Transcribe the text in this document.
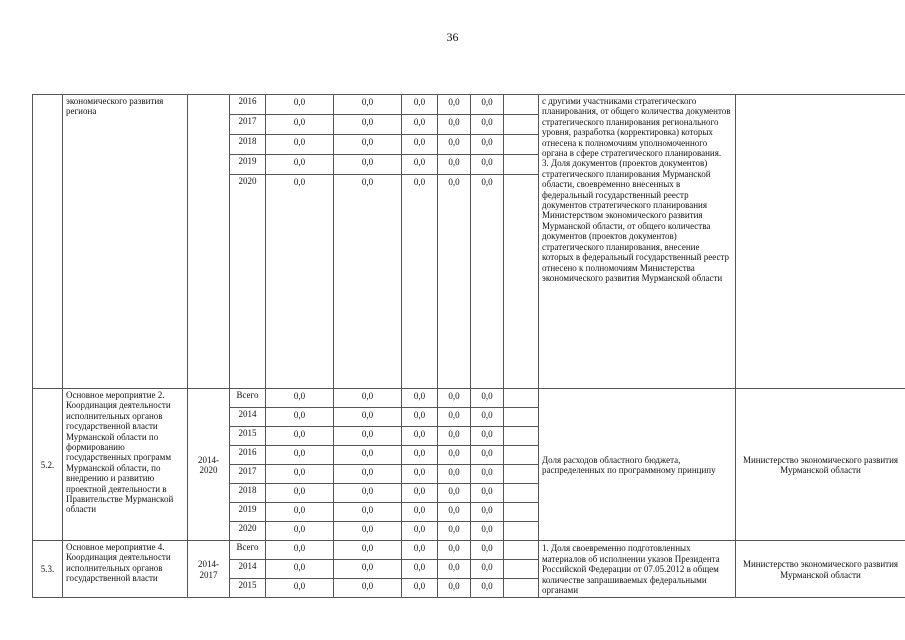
36

	экономического развития региона		2016	0,0	0,0	0,0	0,0	0,0		с другими участниками стратегического планирования, от общего количества документов стратегического планирования регионального уровня, разработка (корректировка) которых отнесена к полномочиям уполномоченного органа в сфере стратегического планирования.

3. Доля документов (проектов документов) стратегического планирования Мурманской области, своевременно внесенных в федеральный государственный реестр документов стратегического планирования Министерством экономического развития Мурманской области, от общего количества документов (проектов документов) стратегического планирования, внесение которых в федеральный государственный реестр отнесено к полномочиям Министерства экономического развития Мурманской области	

			2017	0,0	0,0	0,0	0,0	0,0			
			2018	0,0	0,0	0,0	0,0	0,0			
			2019	0,0	0,0	0,0	0,0	0,0			
			2020	0,0	0,0	0,0	0,0	0,0			
5.2.	Основное мероприятие 2. Координация деятельности исполнительных органов государственной власти Мурманской области по формированию государственных программ Мурманской области, по внедрению и развитию проектной деятельности в Правительстве Мурманской области	2014-2020	Всего	0,0	0,0	0,0	0,0	0,0		Доля расходов областного бюджета, распределенных по программному принципу	Министерство экономического развития Мурманской области
			2014	0,0	0,0	0,0	0,0	0,0			
			2015	0,0	0,0	0,0	0,0	0,0			
			2016	0,0	0,0	0,0	0,0	0,0			
			2017	0,0	0,0	0,0	0,0	0,0			
			2018	0,0	0,0	0,0	0,0	0,0			
			2019	0,0	0,0	0,0	0,0	0,0			
			2020	0,0	0,0	0,0	0,0	0,0			
5.3.	Основное мероприятие 4. Координация деятельности исполнительных органов государственной власти	2014-2017	Всего	0,0	0,0	0,0	0,0	0,0		1. Доля своевременно подготовленных материалов об исполнении указов Президента Российской Федерации от 07.05.2012 в общем количестве запрашиваемых федеральными органами	Министерство экономического развития Мурманской области
			2014	0,0	0,0	0,0	0,0	0,0			
			2015	0,0	0,0	0,0	0,0	0,0			
